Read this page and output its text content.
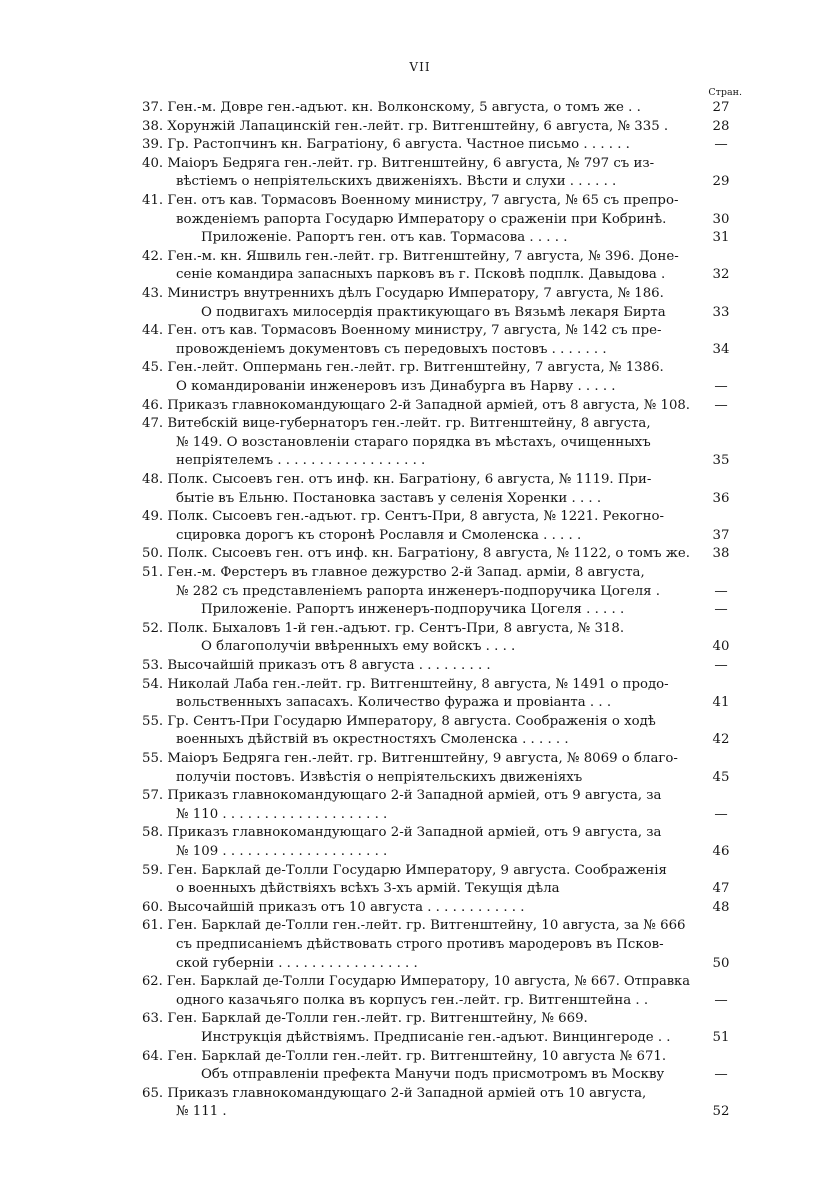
VII
Стран.
37. Ген.-м. Довре ген.-адъют. кн. Волконскому, 5 августа, о томъ же . .	27
38. Хорунжій Лапацинскій ген.-лейт. гр. Витгенштейну, 6 августа, № 335 .	28
39. Гр. Растопчинъ кн. Багратіону, 6 августа. Частное письмо . . . . . .	—
40. Маіоръ Бедряга ген.-лейт. гр. Витгенштейну, 6 августа, № 797 съ из-
вѣстіемъ о непріятельскихъ движеніяхъ. Вѣсти и слухи . . . . . .	29
41. Ген. отъ кав. Тормасовъ Военному министру, 7 августа, № 65 съ препро-
вожденіемъ рапорта Государю Императору о сраженіи при Кобринѣ.	30
Приложеніе. Рапортъ ген. отъ кав. Тормасова . . . . .	31
42. Ген.-м. кн. Яшвиль ген.-лейт. гр. Витгенштейну, 7 августа, № 396. Доне-
сеніе командира запасныхъ парковъ въ г. Псковѣ подплк. Давыдова .	32
43. Министръ внутреннихъ дѣлъ Государю Императору, 7 августа, № 186.
О подвигахъ милосердія практикующаго въ Вязьмѣ лекаря Бирта	33
44. Ген. отъ кав. Тормасовъ Военному министру, 7 августа, № 142 съ пре-
провожденіемъ документовъ съ передовыхъ постовъ . . . . . . .	34
45. Ген.-лейт. Оппермань ген.-лейт. гр. Витгенштейну, 7 августа, № 1386.
О командированіи инженеровъ изъ Динабурга въ Нарву . . . . .	—
46. Приказъ главнокомандующаго 2-й Западной арміей, отъ 8 августа, № 108.	—
47. Витебскій вице-губернаторъ ген.-лейт. гр. Витгенштейну, 8 августа,
№ 149. О возстановленіи стараго порядка въ мѣстахъ, очищенныхъ
непріятелемъ . . . . . . . . . . . . . . . . . .	35
48. Полк. Сысоевъ ген. отъ инф. кн. Багратіону, 6 августа, № 1119. При-
бытіе въ Ельню. Постановка заставъ у селенія Хоренки . . . .	36
49. Полк. Сысоевъ ген.-адъют. гр. Сентъ-При, 8 августа, № 1221. Рекогно-
сцировка дорогъ къ сторонѣ Рославля и Смоленска . . . . .	37
50. Полк. Сысоевъ ген. отъ инф. кн. Багратіону, 8 августа, № 1122, о томъ же.	38
51. Ген.-м. Ферстеръ въ главное дежурство 2-й Запад. арміи, 8 августа,
№ 282 съ представленіемъ рапорта инженеръ-подпоручика Цогеля .	—
Приложеніе. Рапортъ инженеръ-подпоручика Цогеля . . . . .	—
52. Полк. Быхаловъ 1-й ген.-адъют. гр. Сентъ-При, 8 августа, № 318.
О благополучіи ввѣренныхъ ему войскъ . . . .	40
53. Высочайшій приказъ отъ 8 августа . . . . . . . . .	—
54. Николай Лаба ген.-лейт. гр. Витгенштейну, 8 августа, № 1491 о продо-
вольственныхъ запасахъ. Количество фуража и провіанта . . .	41
55. Гр. Сентъ-При Государю Императору, 8 августа. Соображенія о ходѣ
военныхъ дѣйствій въ окрестностяхъ Смоленска . . . . . .	42
55. Маіоръ Бедряга ген.-лейт. гр. Витгенштейну, 9 августа, № 8069 о благо-
получіи постовъ. Извѣстія о непріятельскихъ движеніяхъ	45
57. Приказъ главнокомандующаго 2-й Западной арміей, отъ 9 августа, за
№ 110 . . . . . . . . . . . . . . . . . . . .	—
58. Приказъ главнокомандующаго 2-й Западной арміей, отъ 9 августа, за
№ 109 . . . . . . . . . . . . . . . . . . . .	46
59. Ген. Барклай де-Толли Государю Императору, 9 августа. Соображенія
о военныхъ дѣйствіяхъ всѣхъ 3-хъ армій. Текущія дѣла	47
60. Высочайшій приказъ отъ 10 августа . . . . . . . . . . . .	48
61. Ген. Барклай де-Толли ген.-лейт. гр. Витгенштейну, 10 августа, за № 666
съ предписаніемъ дѣйствовать строго противъ мародеровъ въ Псков-
ской губерніи . . . . . . . . . . . . . . . . .	50
62. Ген. Барклай де-Толли Государю Императору, 10 августа, № 667. Отправка
одного казачьяго полка въ корпусъ ген.-лейт. гр. Витгенштейна . .	—
63. Ген. Барклай де-Толли ген.-лейт. гр. Витгенштейну, № 669.
Инструкція дѣйствіямъ. Предписаніе ген.-адъют. Винцингероде . .	51
64. Ген. Барклай де-Толли ген.-лейт. гр. Витгенштейну, 10 августа № 671.
Объ отправленіи префекта Манучи подъ присмотромъ въ Москву	—
65. Приказъ главнокомандующаго 2-й Западной арміей отъ 10 августа,
№ 111 .	52
